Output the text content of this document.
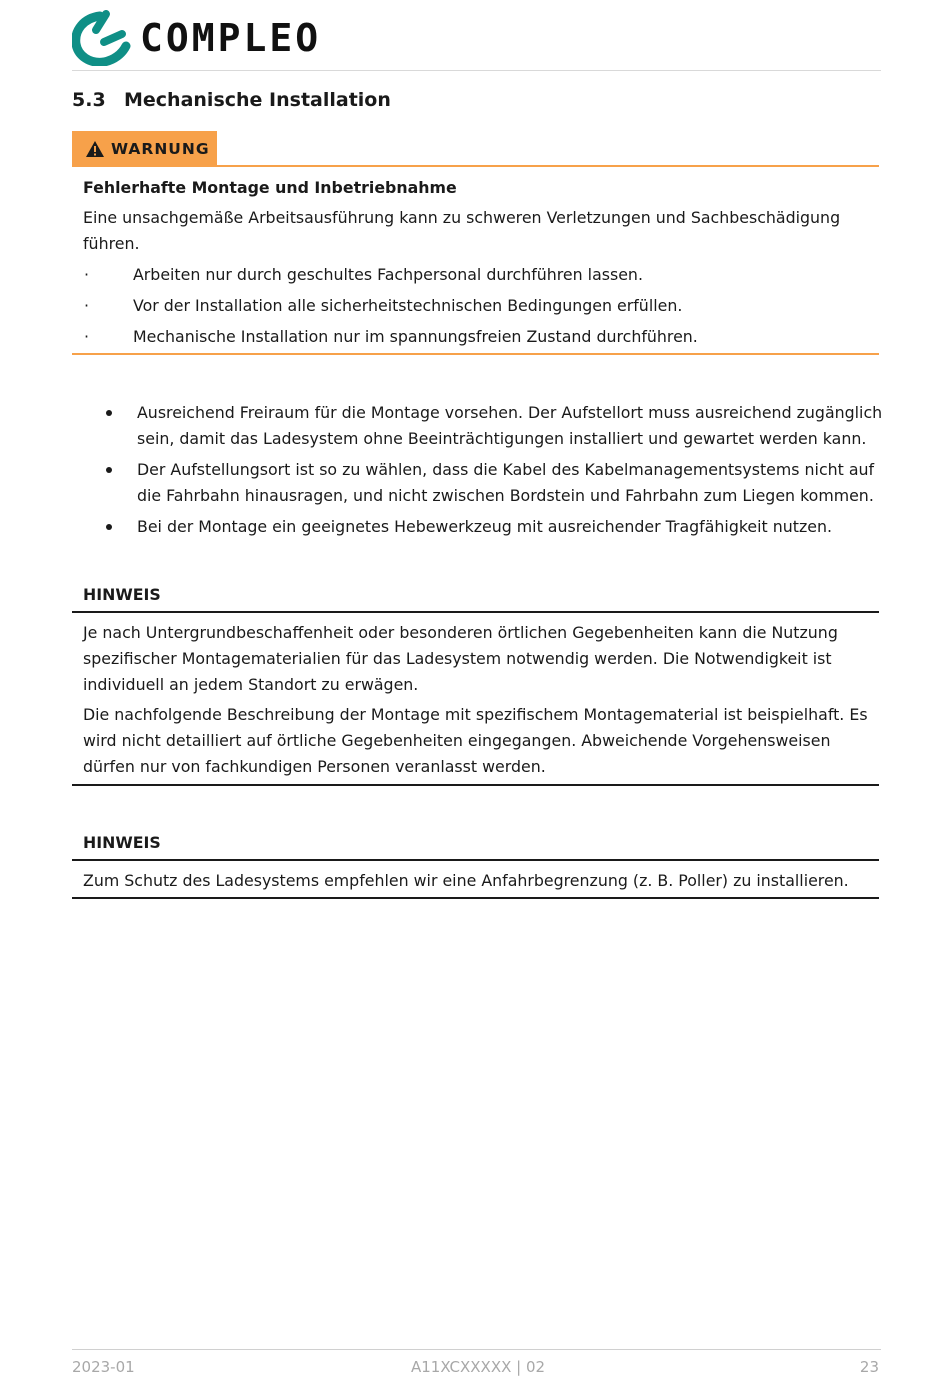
COMPLEO
5.3 Mechanische Installation
WARNUNG
Fehlerhafte Montage und Inbetriebnahme
Eine unsachgemäße Arbeitsausführung kann zu schweren Verletzungen und Sachbeschädigung
führen.
·	Arbeiten nur durch geschultes Fachpersonal durchführen lassen.
·	Vor der Installation alle sicherheitstechnischen Bedingungen erfüllen.
·	Mechanische Installation nur im spannungsfreien Zustand durchführen.
Ausreichend Freiraum für die Montage vorsehen. Der Aufstellort muss ausreichend zugänglich
sein, damit das Ladesystem ohne Beeinträchtigungen installiert und gewartet werden kann.
Der Aufstellungsort ist so zu wählen, dass die Kabel des Kabelmanagementsystems nicht auf
die Fahrbahn hinausragen, und nicht zwischen Bordstein und Fahrbahn zum Liegen kommen.
Bei der Montage ein geeignetes Hebewerkzeug mit ausreichender Tragfähigkeit nutzen.
HINWEIS
Je nach Untergrundbeschaffenheit oder besonderen örtlichen Gegebenheiten kann die Nutzung
spezifischer Montagematerialien für das Ladesystem notwendig werden. Die Notwendigkeit ist
individuell an jedem Standort zu erwägen.
Die nachfolgende Beschreibung der Montage mit spezifischem Montagematerial ist beispielhaft. Es
wird nicht detailliert auf örtliche Gegebenheiten eingegangen. Abweichende Vorgehensweisen
dürfen nur von fachkundigen Personen veranlasst werden.
HINWEIS
Zum Schutz des Ladesystems empfehlen wir eine Anfahrbegrenzung (z. B. Poller) zu installieren.
2023-01	A11XCXXXXX | 02	23
